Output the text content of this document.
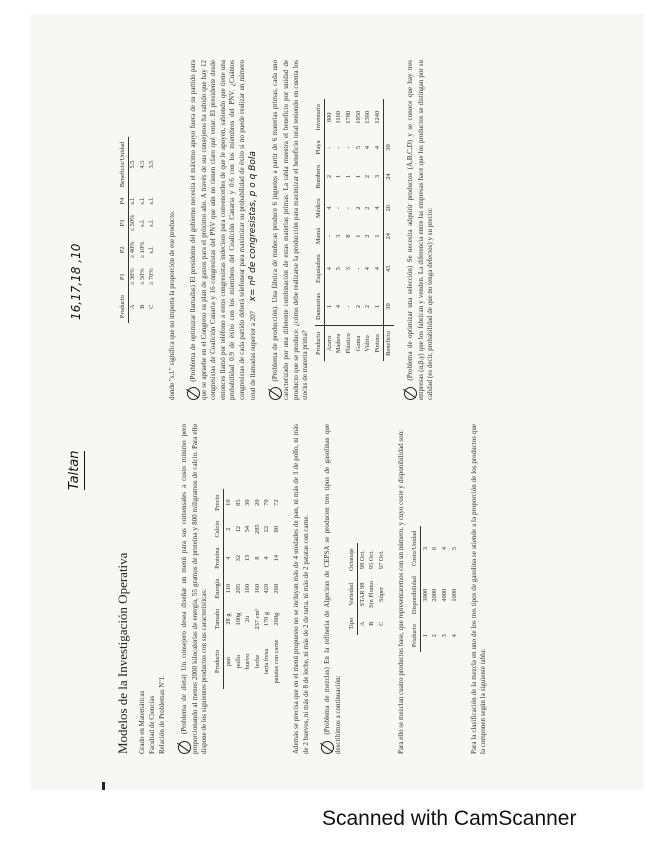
Taltan
16,17,18 ,10
Modelos de la Investigación Operativa Grado en Matemáticas Facultad de Ciencias Relación de Problemas Nº1.	(Problema de dieta) Un consejero desea diseñar un menú para sus comensales a costo mínimo pero proporcionando al menos 2000 kilocalorías de energía, 55 gramos de proteína y 800 miligramos de calcio. Para ello dispone de los siguientes productos con sus características: Producto	Tamaño	Energía	Proteína	Calcio	Precio
pan	28 g	110	4	2	10
pollo	100g	205	32	12	85
huevo	2u	160	13	54	30
leche	237 cm³	160	8	285	20
tarta fresa	170 g	420	4	22	70
patatas con carne	260g	260	14	80	72 Además se precisa que en el menú propuesto no se incluyan más de 4 unidades de pan, ni más de 3 de pollo, ni más de 2 huevos, ni más de 8 de leche, ni más de 2 de tarta, ni más de 2 patatas con carne.	(Problema de mezclas) En la refinería de Algeciras de CEPSA se producen tres tipos de gasolinas que describimos a continuación:

Tipo	Variedad	Octanaje
A	STAR 98	98 Oct.
B	Sin Plomo	95 Oct.
C	Súper	97 Oct. Para ello se mezclan cuatro productos base, que representaremos con un número, y cuyo coste y disponibilidad son: Producto	Disponibilidad	Costo/Unidad
1	3000	3
2	2000	6
3	4000	4
4	1000	5 Para la clasificación de la mezcla en uno de los tres tipos de gasolina se atiende a la proporción de los productos que la componen según la siguiente tabla:

Producto	P1	P2	P3	P4	Beneficio/Unidad
A	≤ 30%	≥ 40%	≤ 50%	s.l.	5.5
B	≤ 50%	≥ 10%	s.l.	s.l.	4.5
C	≥ 70%	s.l.	s.l.	s.l.	3.5

donde "s.l." significa que no importa la proporción de ese producto.	(Problema de optimizar llamadas) El presidente del gobierno necesita el máximo apoyo fuera de su partido para que se apruebe en el Congreso su plan de gastos para el próximo año. A través de sus consejeros ha sabido que hay 12 congresistas de Coalición Canaria y 16 congresistas del PNV que aún no tienen claro qué votar. El presidente desde entonces llamó por teléfono a estos congresistas indecisos para convencerles de que le apoyen, sabiendo que tiene una probabilidad 0.9 de éxito con los miembros del Coalición Canaria y 0.6 con los miembros del PNV. ¿Cuántos congresistas de cada partido deberá telefonear para maximizar su probabilidad de éxito si no puede realizar un número total de llamadas superior a 20? x= nº de congresistas, p o q Bola	(Problema de producción). Una fábrica de muñecas produce 6 juguetes a partir de 6 materias primas, cada uno caracterizado por una diferente combinación de estas materias primas. La tabla muestra el beneficio por unidad de producto que se produce. ¿cómo debe realizarse la producción para maximizar el beneficio total teniendo en cuenta los stocks de materia prima? Producto	Damasrias	Esquiadora	Mamá	Médico	Bombero	Playa	Inventario
Acero	1	4	-	4	2	-	800
Madera	4	5	3	-	1	-	1160
Plástico	-	3	8	-	1	-	1780
Goma	2	-	1	2	1	5	1050
Vidrio	2	4	2	2	2	4	1360
Pintura	1	4	1	4	3	4	1240
Beneficio	30	45	24	26	24	30		(Problema de optimizar una selección) Se necesita adquirir productos (A,B,C,D) y se conoce que hay tres empresas (α,β,γ) que los fabrican y venden. La diferencia entre las empresas hace que los productos se distingan por su calidad (es decir, probabilidad de que no tenga defectos) y su precio:

Scanned with CamScanner
